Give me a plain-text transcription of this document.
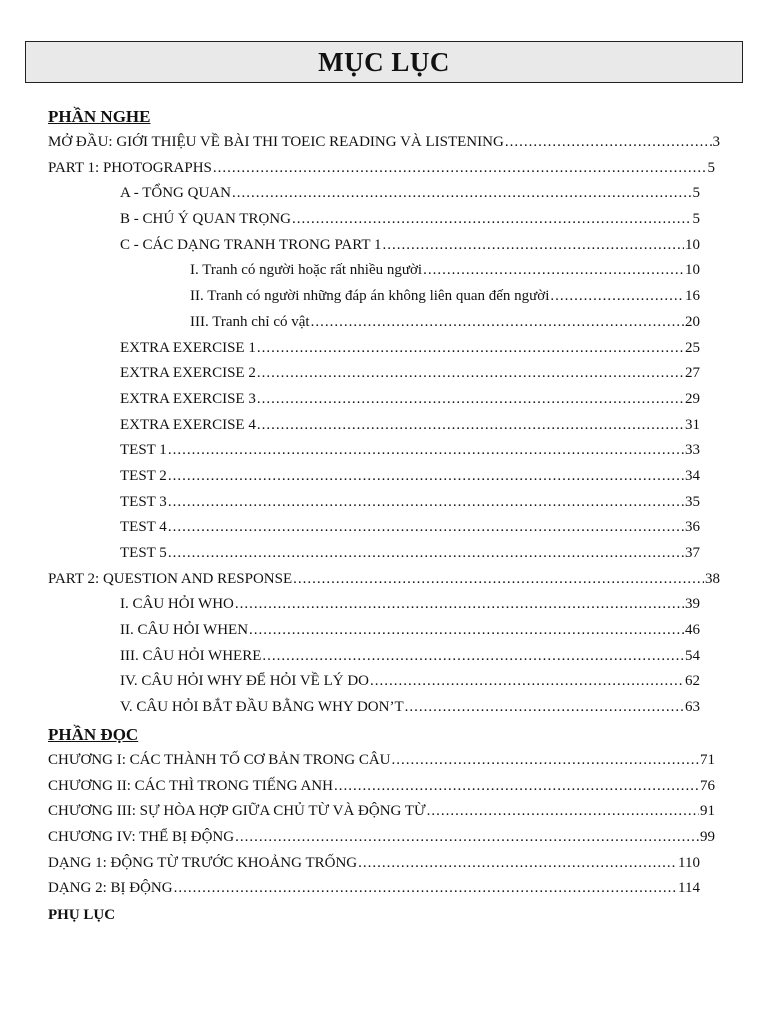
MỤC LỤC
PHẦN NGHE
MỞ ĐẦU: GIỚI THIỆU VỀ BÀI THI TOEIC READING VÀ LISTENING .....	3
PART 1: PHOTOGRAPHS .....	5
A - TỔNG QUAN .....	5
B - CHÚ Ý QUAN TRỌNG .....	5
C - CÁC DẠNG TRANH TRONG PART 1 .....	10
I. Tranh có người hoặc rất nhiều người .....	10
II. Tranh có người những đáp án không liên quan đến người .....	16
III. Tranh chỉ có vật .....	20
EXTRA EXERCISE 1 .....	25
EXTRA EXERCISE 2 .....	27
EXTRA EXERCISE 3 .....	29
EXTRA EXERCISE 4 .....	31
TEST 1 .....	33
TEST 2 .....	34
TEST 3 .....	35
TEST 4 .....	36
TEST 5 .....	37
PART 2: QUESTION AND RESPONSE .....	38
I. CÂU HỎI WHO .....	39
II. CÂU HỎI WHEN .....	46
III. CÂU HỎI WHERE .....	54
IV. CÂU HỎI WHY ĐỂ HỎI VỀ LÝ DO .....	62
V. CÂU HỎI BẮT ĐẦU BẰNG WHY DON’T .....	63
PHẦN ĐỌC
CHƯƠNG I: CÁC THÀNH TỐ CƠ BẢN TRONG CÂU .....	71
CHƯƠNG II: CÁC THÌ TRONG TIẾNG ANH .....	76
CHƯƠNG III: SỰ HÒA HỢP GIỮA CHỦ TỪ VÀ ĐỘNG TỪ .....	91
CHƯƠNG IV: THỂ BỊ ĐỘNG .....	99
DẠNG 1: ĐỘNG TỪ TRƯỚC KHOẢNG TRỐNG .....	110
DẠNG 2: BỊ ĐỘNG .....	114
PHỤ LỤC
